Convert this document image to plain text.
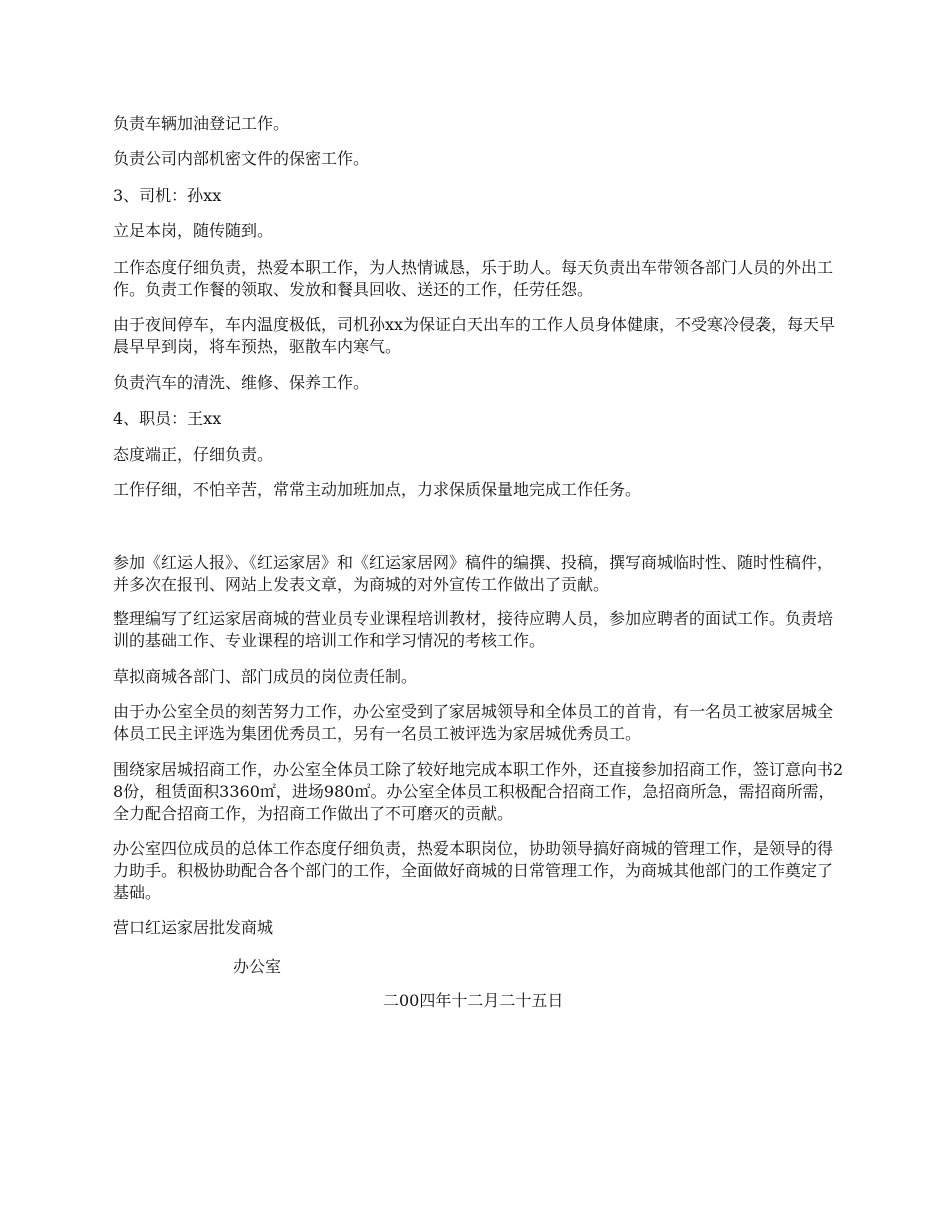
负责车辆加油登记工作。

负责公司内部机密文件的保密工作。

3、司机：孙xx

立足本岗，随传随到。

工作态度仔细负责，热爱本职工作，为人热情诚恳，乐于助人。每天负责出车带领各部门人员的外出工作。负责工作餐的领取、发放和餐具回收、送还的工作，任劳任怨。

由于夜间停车，车内温度极低，司机孙xx为保证白天出车的工作人员身体健康，不受寒冷侵袭，每天早晨早早到岗，将车预热，驱散车内寒气。

负责汽车的清洗、维修、保养工作。

4、职员：王xx

态度端正，仔细负责。

工作仔细，不怕辛苦，常常主动加班加点，力求保质保量地完成工作任务。

参加《红运人报》、《红运家居》和《红运家居网》稿件的编撰、投稿，撰写商城临时性、随时性稿件，并多次在报刊、网站上发表文章，为商城的对外宣传工作做出了贡献。

整理编写了红运家居商城的营业员专业课程培训教材，接待应聘人员，参加应聘者的面试工作。负责培训的基础工作、专业课程的培训工作和学习情况的考核工作。

草拟商城各部门、部门成员的岗位责任制。

由于办公室全员的刻苦努力工作，办公室受到了家居城领导和全体员工的首肯，有一名员工被家居城全体员工民主评选为集团优秀员工，另有一名员工被评选为家居城优秀员工。

围绕家居城招商工作，办公室全体员工除了较好地完成本职工作外，还直接参加招商工作，签订意向书28份，租赁面积3360㎡，进场980㎡。办公室全体员工积极配合招商工作，急招商所急，需招商所需，全力配合招商工作，为招商工作做出了不可磨灭的贡献。

办公室四位成员的总体工作态度仔细负责，热爱本职岗位，协助领导搞好商城的管理工作，是领导的得力助手。积极协助配合各个部门的工作，全面做好商城的日常管理工作，为商城其他部门的工作奠定了基础。

营口红运家居批发商城

办公室

二00四年十二月二十五日
